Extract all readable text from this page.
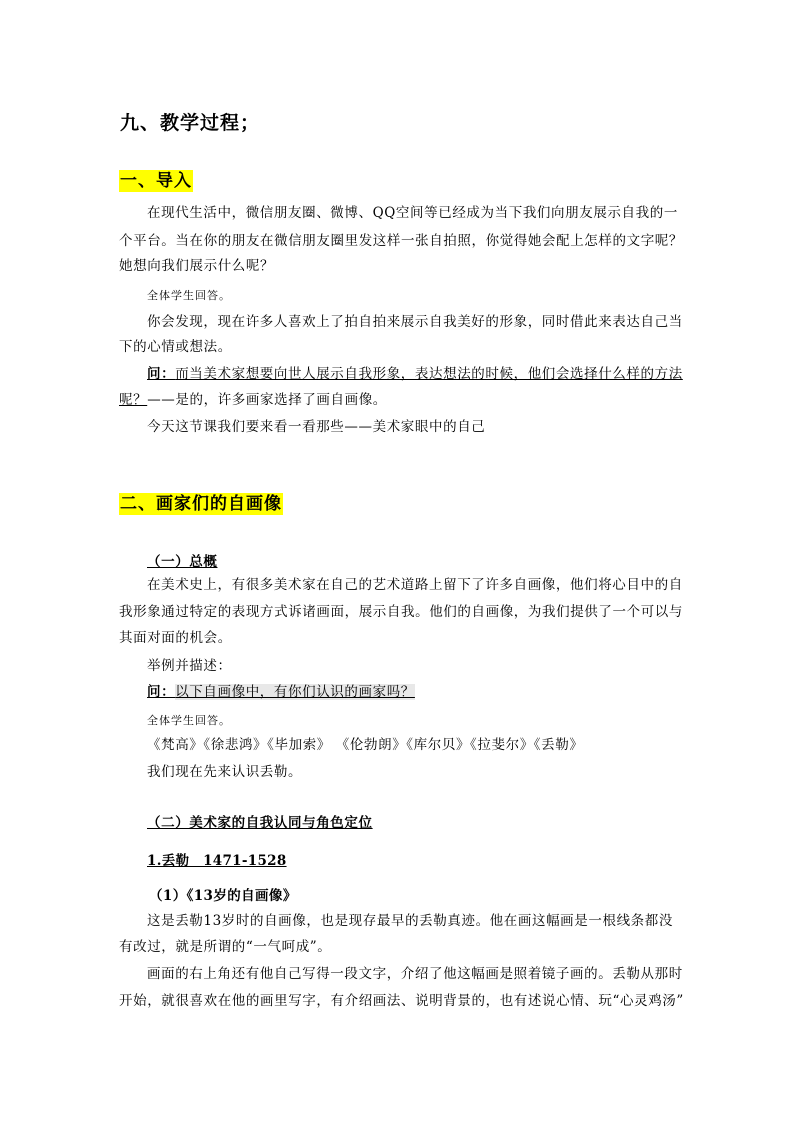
九、教学过程；
一、导入
在现代生活中，微信朋友圈、微博、QQ空间等已经成为当下我们向朋友展示自我的一
个平台。当在你的朋友在微信朋友圈里发这样一张自拍照，你觉得她会配上怎样的文字呢？
她想向我们展示什么呢？
全体学生回答。
你会发现，现在许多人喜欢上了拍自拍来展示自我美好的形象，同时借此来表达自己当
下的心情或想法。
问：而当美术家想要向世人展示自我形象，表达想法的时候，他们会选择什么样的方法
呢？——是的，许多画家选择了画自画像。
今天这节课我们要来看一看那些——美术家眼中的自己
二、画家们的自画像
（一）总概
在美术史上，有很多美术家在自己的艺术道路上留下了许多自画像，他们将心目中的自
我形象通过特定的表现方式诉诸画面，展示自我。他们的自画像，为我们提供了一个可以与
其面对面的机会。
举例并描述：
问：以下自画像中，有你们认识的画家吗？
全体学生回答。
《梵高》《徐悲鸿》《毕加索》 《伦勃朗》《库尔贝》《拉斐尔》《丢勒》
我们现在先来认识丢勒。
（二）美术家的自我认同与角色定位
1.丢勒　1471-1528
（1）《13岁的自画像》
这是丢勒13岁时的自画像，也是现存最早的丢勒真迹。他在画这幅画是一根线条都没
有改过，就是所谓的“一气呵成”。
画面的右上角还有他自己写得一段文字，介绍了他这幅画是照着镜子画的。丢勒从那时
开始，就很喜欢在他的画里写字，有介绍画法、说明背景的，也有述说心情、玩“心灵鸡汤”
